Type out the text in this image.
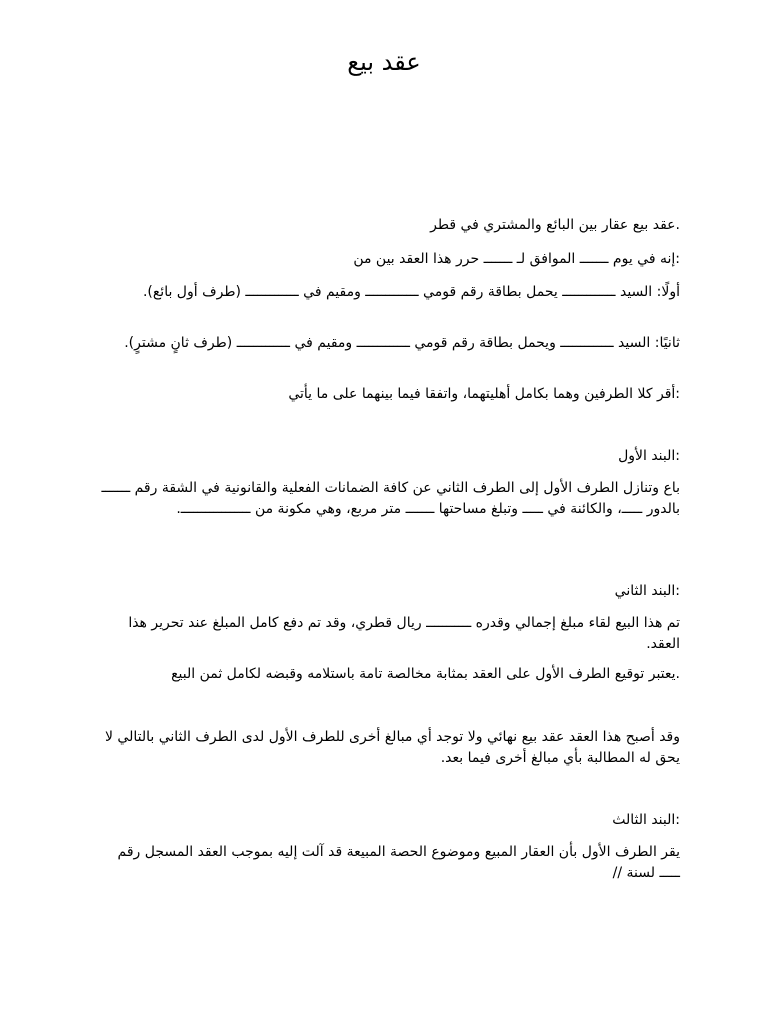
عقد بيع
.عقد بيع عقار بين البائع والمشتري في قطر
:إنه في يوم ـــــــ الموافق لـ ـــــــ حرر هذا العقد بين من
أولًا: السيد ـــــــــــــ يحمل بطاقة رقم قومي ـــــــــــــ ومقيم في ـــــــــــــ (طرف أول بائع).
ثانيًا: السيد ـــــــــــــ ويحمل بطاقة رقم قومي ـــــــــــــ ومقيم في ـــــــــــــ (طرف ثانٍ مشترٍ).
:أقر كلا الطرفين وهما بكامل أهليتهما، واتفقا فيما بينهما على ما يأتي
:البند الأول
باع وتنازل الطرف الأول إلى الطرف الثاني عن كافة الضمانات الفعلية والقانونية في الشقة رقم ـــــــ بالدور ـــــ، والكائنة في ـــــ وتبلغ مساحتها ـــــــ متر مربع، وهي مكونة من ـــــــــــــــــ.
:البند الثاني
تم هذا البيع لقاء مبلغ إجمالي وقدره ـــــــــــ ريال قطري، وقد تم دفع كامل المبلغ عند تحرير هذا العقد.
.يعتبر توقيع الطرف الأول على العقد بمثابة مخالصة تامة باستلامه وقبضه لكامل ثمن البيع
وقد أصبح هذا العقد عقد بيع نهائي ولا توجد أي مبالغ أخرى للطرف الأول لدى الطرف الثاني بالتالي لا يحق له المطالبة بأي مبالغ أخرى فيما بعد.
:البند الثالث
يقر الطرف الأول بأن العقار المبيع وموضوع الحصة المبيعة قد آلت إليه بموجب العقد المسجل رقم ـــــ لسنة //
